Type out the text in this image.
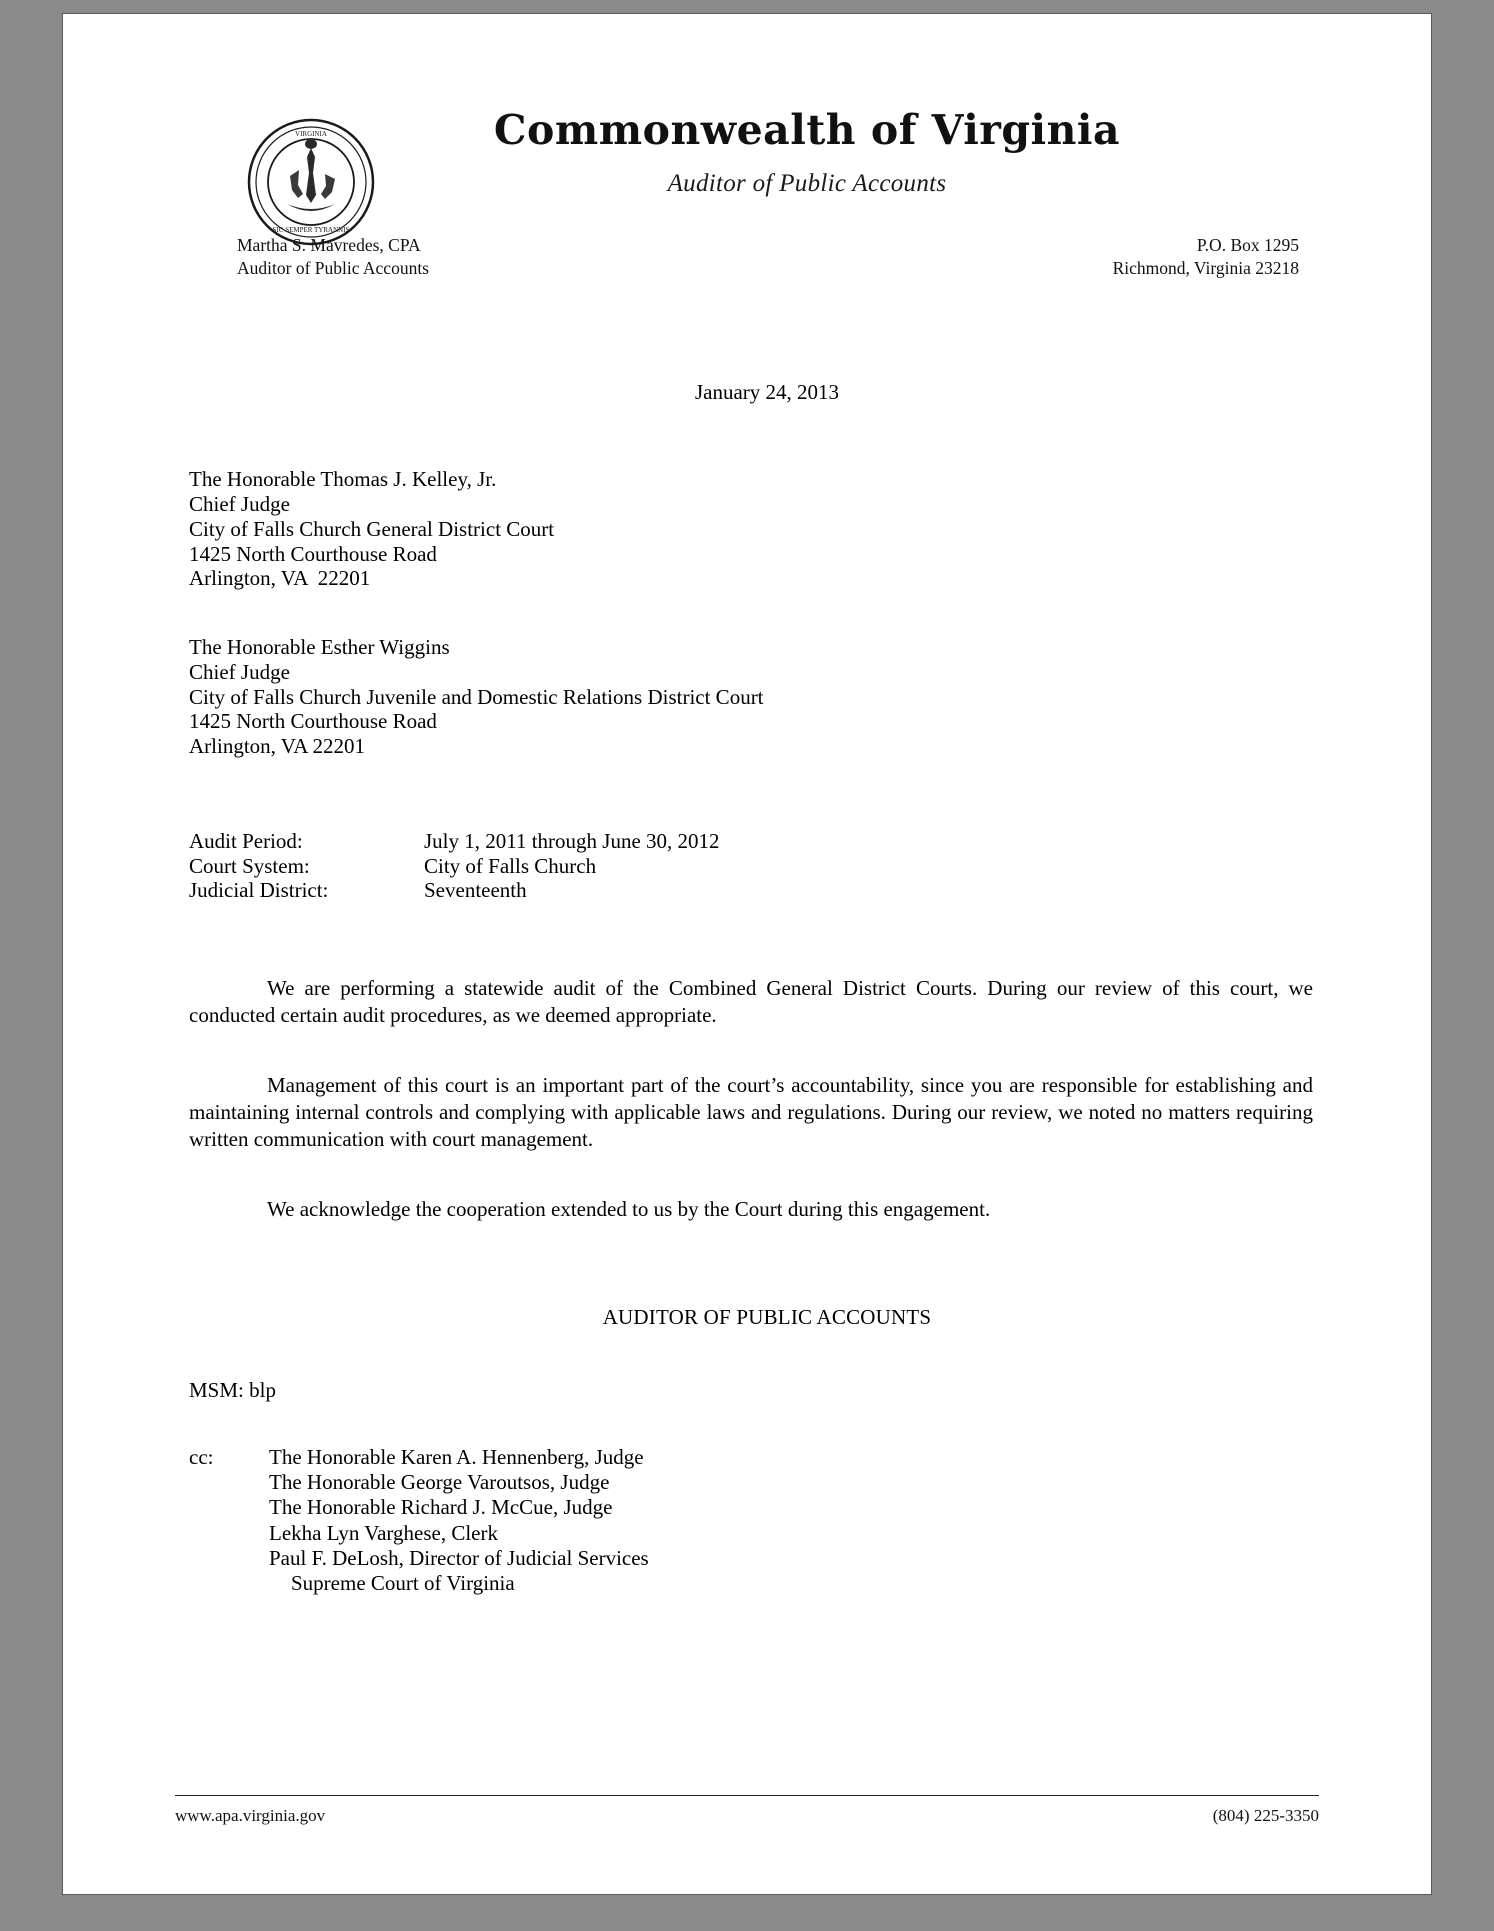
VIRGINIA
SIC SEMPER TYRANNIS
Commonwealth of Virginia
Auditor of Public Accounts
Martha S. Mavredes, CPA
Auditor of Public Accounts
P.O. Box 1295
Richmond, Virginia 23218
January 24, 2013
The Honorable Thomas J. Kelley, Jr.
Chief Judge
City of Falls Church General District Court
1425 North Courthouse Road
Arlington, VA  22201
The Honorable Esther Wiggins
Chief Judge
City of Falls Church Juvenile and Domestic Relations District Court
1425 North Courthouse Road
Arlington, VA 22201
Audit Period:	July 1, 2011 through June 30, 2012
Court System:	City of Falls Church
Judicial District:	Seventeenth
We are performing a statewide audit of the Combined General District Courts. During our review of this court, we conducted certain audit procedures, as we deemed appropriate.
Management of this court is an important part of the court’s accountability, since you are responsible for establishing and maintaining internal controls and complying with applicable laws and regulations. During our review, we noted no matters requiring written communication with court management.
We acknowledge the cooperation extended to us by the Court during this engagement.
AUDITOR OF PUBLIC ACCOUNTS
MSM: blp
cc:	The Honorable Karen A. Hennenberg, Judge
The Honorable George Varoutsos, Judge
The Honorable Richard J. McCue, Judge
Lekha Lyn Varghese, Clerk
Paul F. DeLosh, Director of Judicial Services
Supreme Court of Virginia
www.apa.virginia.gov	(804) 225-3350
